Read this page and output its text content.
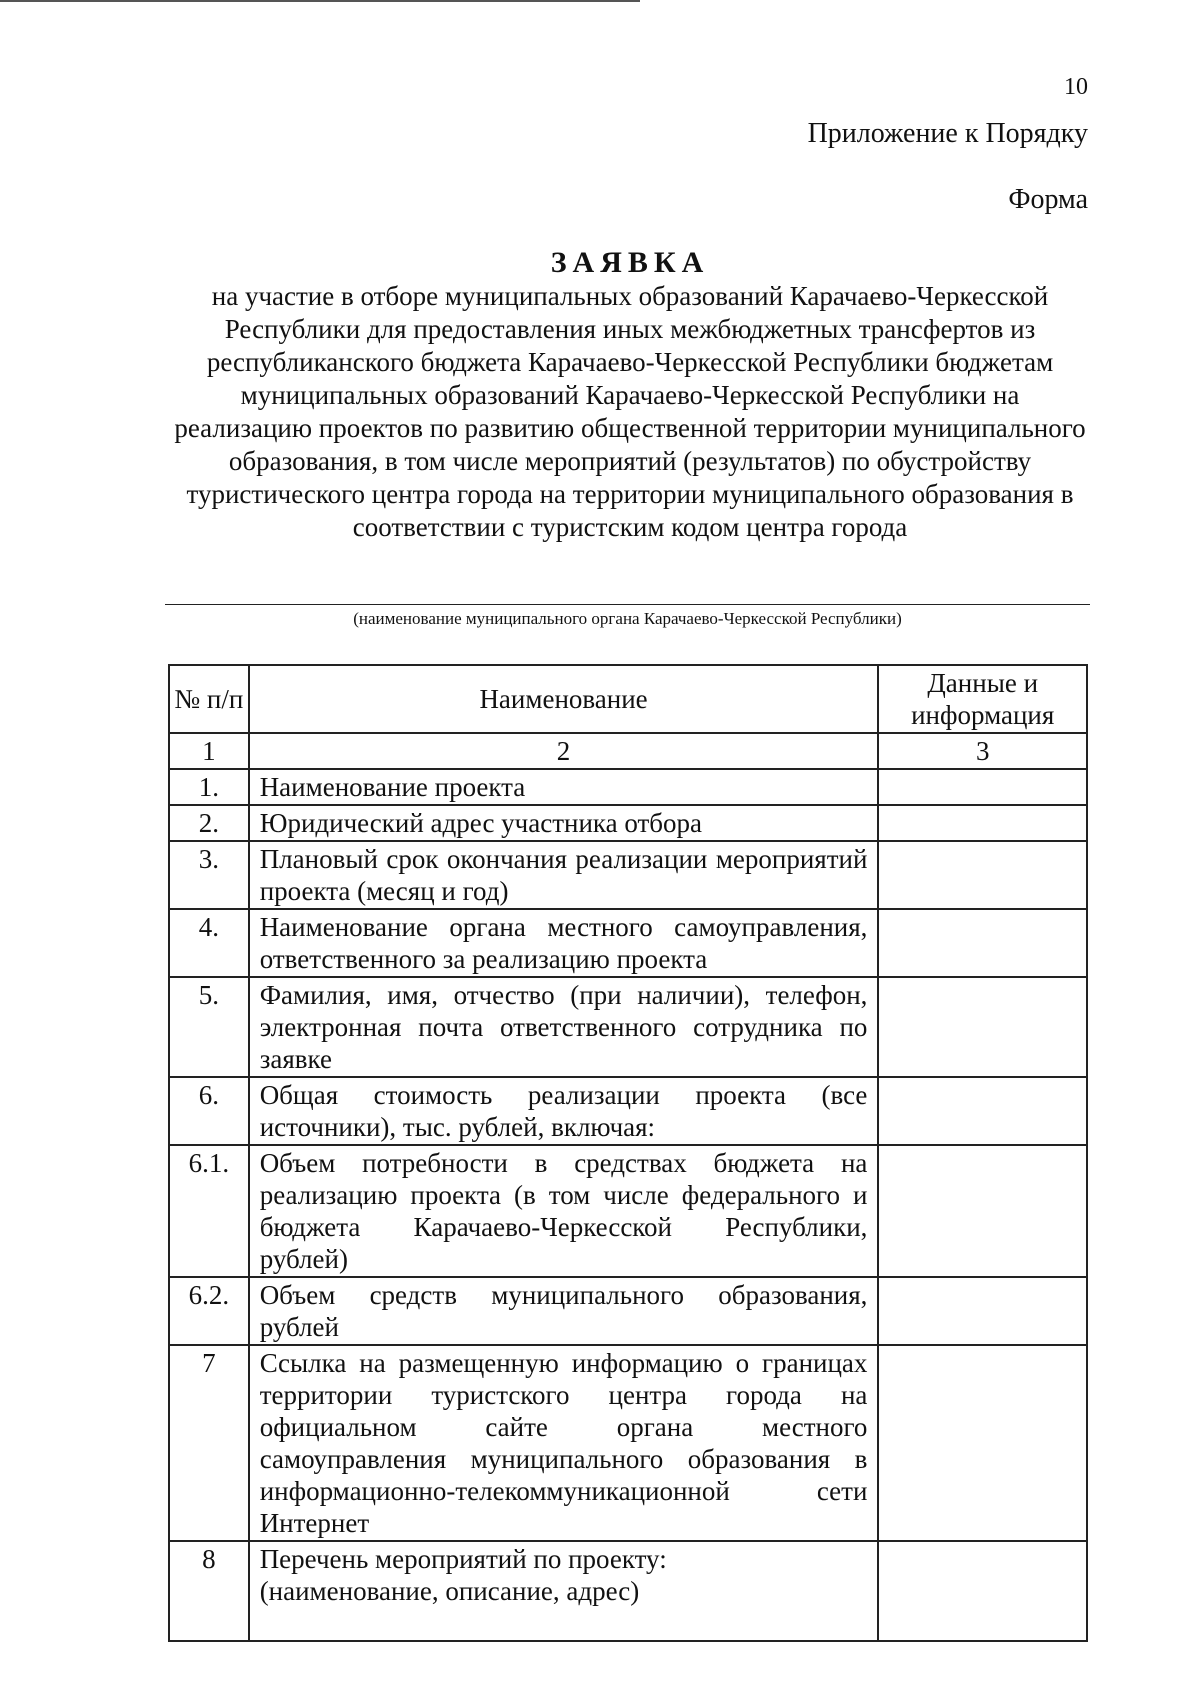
10
Приложение к Порядку
Форма
ЗАЯВКА
на участие в отборе муниципальных образований Карачаево-Черкесской Республики для предоставления иных межбюджетных трансфертов из республиканского бюджета Карачаево-Черкесской Республики бюджетам муниципальных образований Карачаево-Черкесской Республики на реализацию проектов по развитию общественной территории муниципального образования, в том числе мероприятий (результатов) по обустройству туристического центра города на территории муниципального образования в соответствии с туристским кодом центра города
(наименование муниципального органа Карачаево-Черкесской Республики)
№ п/п	Наименование	Данные и информация
1	2	3
1.	Наименование проекта	
2.	Юридический адрес участника отбора	
3.	Плановый срок окончания реализации мероприятий проекта (месяц и год)	
4.	Наименование органа местного самоуправления, ответственного за реализацию проекта	
5.	Фамилия, имя, отчество (при наличии), телефон, электронная почта ответственного сотрудника по заявке	
6.	Общая стоимость реализации проекта (все источники), тыс. рублей, включая:	
6.1.	Объем потребности в средствах бюджета на реализацию проекта (в том числе федерального и бюджета Карачаево-Черкесской Республики, рублей)	
6.2.	Объем средств муниципального образования, рублей	
7	Ссылка на размещенную информацию о границах территории туристского центра города на официальном сайте органа местного самоуправления муниципального образования в информационно-телекоммуникационной сети Интернет	
8	Перечень мероприятий по проекту:
(наименование, описание, адрес)	
